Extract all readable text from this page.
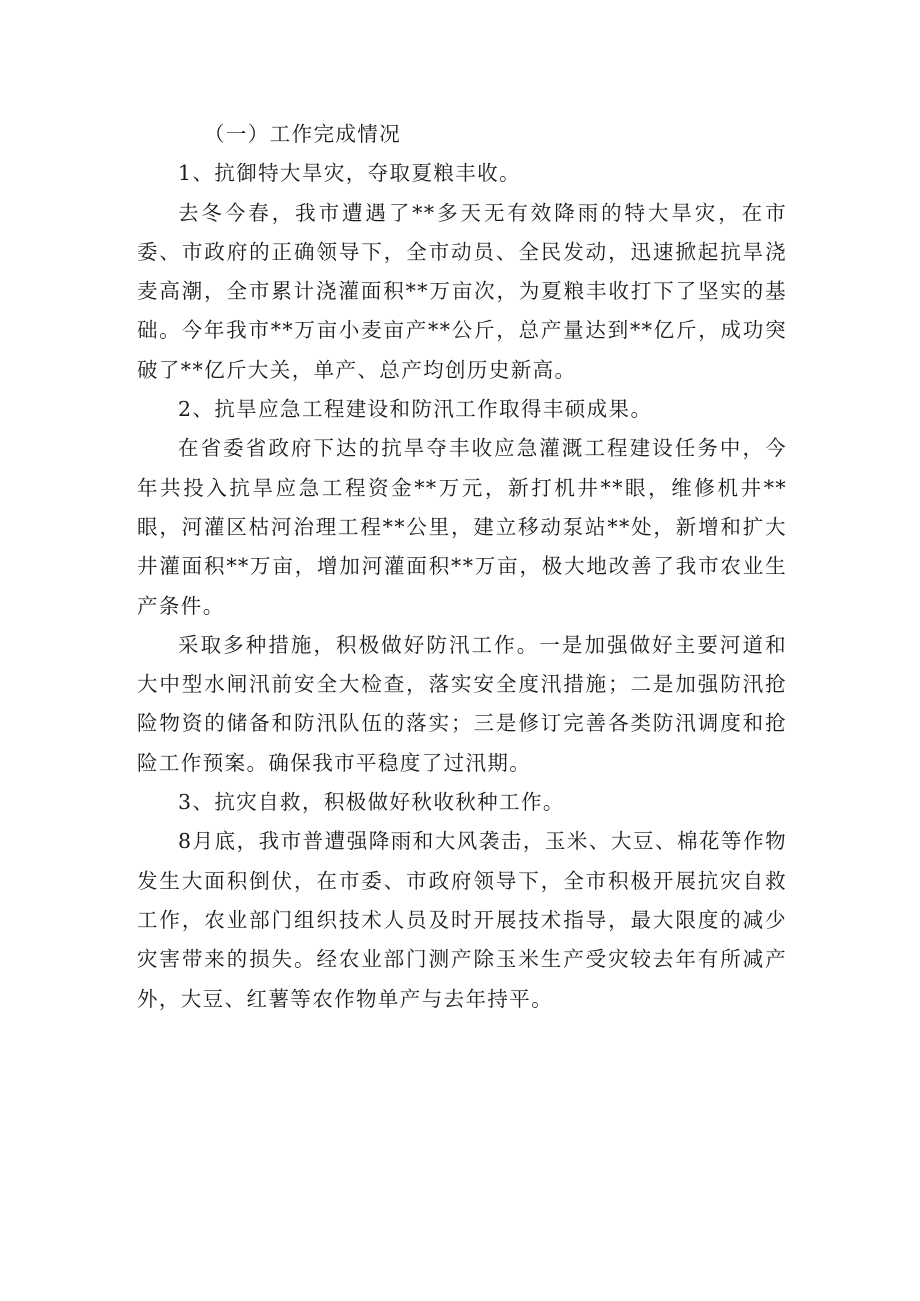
（一）工作完成情况

1、抗御特大旱灾，夺取夏粮丰收。

去冬今春，我市遭遇了**多天无有效降雨的特大旱灾，在市委、市政府的正确领导下，全市动员、全民发动，迅速掀起抗旱浇麦高潮，全市累计浇灌面积**万亩次，为夏粮丰收打下了坚实的基础。今年我市**万亩小麦亩产**公斤，总产量达到**亿斤，成功突破了**亿斤大关，单产、总产均创历史新高。

2、抗旱应急工程建设和防汛工作取得丰硕成果。

在省委省政府下达的抗旱夺丰收应急灌溉工程建设任务中，今年共投入抗旱应急工程资金**万元，新打机井**眼，维修机井**眼，河灌区枯河治理工程**公里，建立移动泵站**处，新增和扩大井灌面积**万亩，增加河灌面积**万亩，极大地改善了我市农业生产条件。

采取多种措施，积极做好防汛工作。一是加强做好主要河道和大中型水闸汛前安全大检查，落实安全度汛措施；二是加强防汛抢险物资的储备和防汛队伍的落实；三是修订完善各类防汛调度和抢险工作预案。确保我市平稳度了过汛期。

3、抗灾自救，积极做好秋收秋种工作。

8月底，我市普遭强降雨和大风袭击，玉米、大豆、棉花等作物发生大面积倒伏，在市委、市政府领导下，全市积极开展抗灾自救工作，农业部门组织技术人员及时开展技术指导，最大限度的减少灾害带来的损失。经农业部门测产除玉米生产受灾较去年有所减产外，大豆、红薯等农作物单产与去年持平。
